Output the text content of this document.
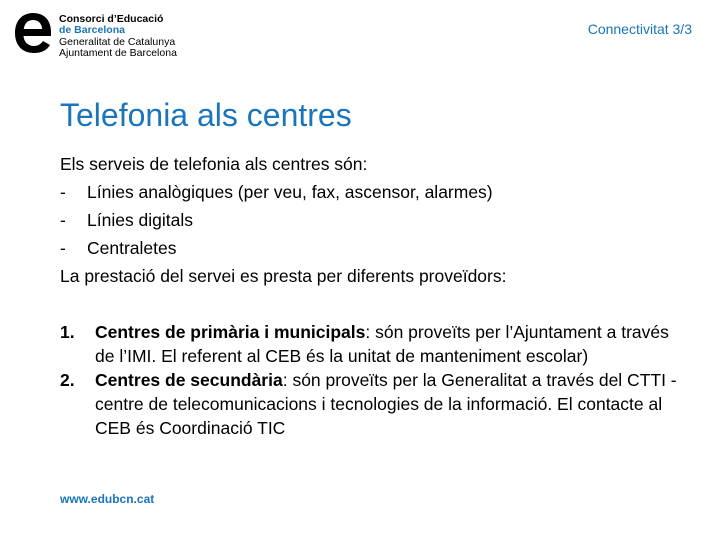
Consorci d’Educació
de Barcelona
Generalitat de Catalunya
Ajuntament de Barcelona
Connectivitat 3/3
Telefonia als centres
Els serveis de telefonia als centres són:
-	Línies analògiques (per veu, fax, ascensor, alarmes)
-	Línies digitals
-	Centraletes
La prestació del servei es presta per diferents proveïdors:
1.	Centres de primària i municipals: són proveïts per l’Ajuntament a través de l’IMI. El referent al CEB és la unitat de manteniment escolar)
2.	Centres de secundària: són proveïts per la Generalitat a través del CTTI -centre de telecomunicacions i tecnologies de la informació. El contacte al CEB és Coordinació TIC
www.edubcn.cat
